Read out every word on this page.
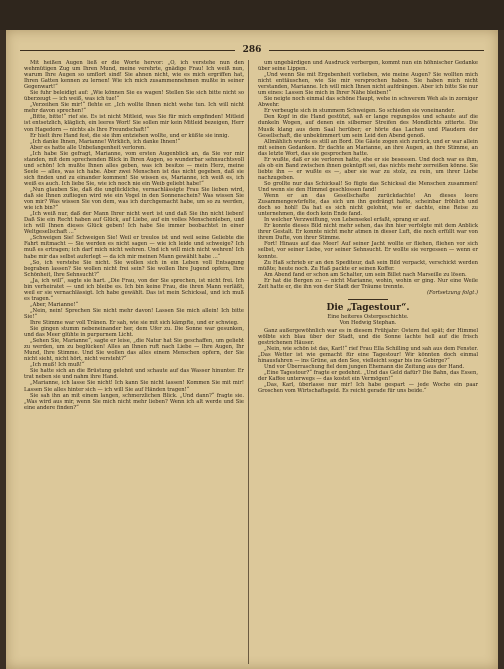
286

Mit heißen Augen ließ er die Worte hervor: „O, ich verstehe nun den wehmütigen Zug um Ihren Mund, meine verehrte, gnädige Frau! Ich weiß nun, warum Ihre Augen so umflort sind! Sie ahnen nicht, wie es mich ergriffen hat, Ihren Gatten kennen zu lernen! Wie ich mich zusammennehmen mußte in seiner Gegenwart!“

Sie fuhr beleidigt auf: „Wie können Sie es wagen! Stellen Sie sich bitte nicht so überzeugt — ich weiß, was ich tue!“

„Verzeihen Sie mir!“ flehte er. „Ich wollte Ihnen nicht wehe tun. Ich will nicht mehr davon sprechen!“

„Bitte, bitte!“ rief sie. Es ist nicht Mitleid, was Sie für mich empfinden! Mitleid ist entsetzlich, kläglich, ein leeres Wort! Sie sollen mir kein Mitleid bezeigen, Herr von Hagedorn — nichts als Ihre Freundschaft!“

Er hielt ihre Hand fest, die sie ihm entziehen wollte, und er küßte sie innig.

„Ich danke Ihnen, Marianne! Wirklich, ich danke Ihnen!“

Aber es hatte alle Unbefangenheit verloren.

„Ich habe Sie gefragt, Marianne, vom ersten Augenblick an, da Sie vor mir standen, mit dem sprechenden Blick in Ihren Augen, so wunderbar sehnsuchtsvoll und schön! Ich mußte Ihnen alles geben, was ich besitze — mein Herz, meine Seele — alles, was ich habe. Aber zwei Menschen ist das nicht gegeben, daß sie sich finden und zu einander kommen! Sie wissen es, Marianne, ich weiß es, ich weiß es auch. Ich liebe Sie, wie ich noch nie ein Weib geliebt habe!“

„Nun glauben Sie, daß die unglückliche, vernachlässigte Frau Sie lieben wird, daß sie Ihnen zufliegen wird wie ein Vogel in den Sonnenschein? Was wissen Sie von mir? Was wissen Sie von dem, was ich durchgemacht habe, um so zu werden, wie ich bin?“

„Ich weiß nur, daß der Mann Ihrer nicht wert ist und daß Sie ihn nicht lieben! Daß Sie ein Recht haben auf Glück, auf Liebe, auf ein volles Menschenleben, und ich will Ihnen dieses Glück geben! Ich habe Sie immer beobachtet in einer Weltgesellschaft ...“

„Schweigen Sie! Schweigen Sie! Weil er treulos ist und weil seine Geliebte die Fahrt mitmacht — Sie werden es nicht sagen — wie ich leide und schweige? Ich muß es ertragen; ich darf mich nicht wehren. Und ich will mich nicht wehren! Ich habe mir das selbst auferlegt — da ich mir meinen Mann gewählt habe ...“

„So, ich verstehe Sie nicht. Sie wollen sich in ein Leben voll Entsagung begraben lassen? Sie wollen nicht frei sein? Sie wollen Ihre Jugend opfern, Ihre Schönheit, Ihre Sehnsucht?“

„Ja, ich will“, sagte sie hart. „Die Frau, von der Sie sprechen, ist nicht frei. Ich bin verheiratet — und ich bleibe es. Ich bin keine Frau, die ihren Mann verläßt, weil er sie vernachlässigt. Ich habe gewählt. Das ist mein Schicksal, und ich muß es tragen.“

„Aber, Marianne!“

„Nein, nein! Sprechen Sie nicht mehr davon! Lassen Sie mich allein! Ich bitte Sie!“

Ihre Stimme war voll Tränen. Er sah, wie sie mit sich kämpfte, und er schwieg.

Sie gingen stumm nebeneinander her, dem Ufer zu. Die Sonne war gesunken, und das Meer glühte in purpurnem Licht.

„Sehen Sie, Marianne“, sagte er leise, „die Natur hat Sie geschaffen, um geliebt zu werden, um zu beglücken! Alles an Ihnen ruft nach Liebe — Ihre Augen, Ihr Mund, Ihre Stimme. Und Sie wollen das alles einem Menschen opfern, der Sie nicht sieht, nicht hört, nicht versteht?“

„Ich muß! Ich muß!“

Sie hatte sich an die Brüstung gelehnt und schaute auf das Wasser hinunter. Er trat neben sie und nahm ihre Hand.

„Marianne, ich lasse Sie nicht! Ich kann Sie nicht lassen! Kommen Sie mit mir! Lassen Sie alles hinter sich — ich will Sie auf Händen tragen!“

Sie sah ihn an mit einem langen, schmerzlichen Blick. „Und dann?“ fragte sie. „Was wird aus mir, wenn Sie mich nicht mehr lieben? Wenn ich alt werde und Sie eine andere finden?“

um ungebärdigen und Ausdruck verbergen, kommt nun ein höhnischer Gedanke über seine Lippen.

„Und wenn Sie mit Ergebenheit vorlieben, wie meine Augen? Sie wollten mich nicht enttäuschen, wie Sie mir versprochen haben. Sie haben mich nicht verstanden, Marianne. Ich will mich Ihnen nicht aufdrängen. Aber ich bitte Sie nur um eines: Lassen Sie mich in Ihrer Nähe bleiben!“

Sie neigte noch einmal das schöne Haupt, wehe in schwerem Weh als in zorniger Abwehr.

Er verbeugte sich in stummem Schweigen. So schieden sie voneinander.

Den Kopf in die Hand gestützt, saß er lange regungslos und schaute auf die dunkeln Wogen, auf denen ein silberner Streifen des Mondlichts zitterte. Die Musik klang aus dem Saal herüber; er hörte das Lachen und Plaudern der Gesellschaft, die unbekümmert um sein Leid den Abend genoß.

Allmählich wurde es still an Bord. Die Gäste zogen sich zurück, und er war allein mit seinen Gedanken. Er dachte an Marianne, an ihre Augen, an ihre Stimme, an das letzte Wort, das sie gesprochen hatte.

Er wußte, daß er sie verloren hatte, ehe er sie besessen. Und doch war es ihm, als ob ein Band zwischen ihnen geknüpft sei, das nichts mehr zerreißen könne. Sie liebte ihn — er wußte es —, aber sie war zu stolz, zu rein, um ihrer Liebe nachzugeben.

So grollte nur das Schicksal! So fügte das Schicksal die Menschen zusammen! Und wenn sie den Himmel geschlossen fand!

Wenn er an das Gesellschafte zurückdachte! An dieses leere Zusammengewürfelte, das sich um ihn gedrängt hatte, scheinbar fröhlich und doch so hohl! Da hat es sich nicht gelohnt, wie er dachte, eine Reise zu unternehmen, die doch kein Ende fand.

In welcher Verzweiflung, von Lebensekel erfaßt, sprang er auf.

Er konnte dieses Bild nicht mehr sehen, das ihn hier verfolgte mit dem Anblick ihrer Gestalt. Er konnte nicht mehr atmen in dieser Luft, die noch erfüllt war von ihrem Dufte, von ihrer Stimme.

Fort! Hinaus auf das Meer! Auf seiner Jacht wollte er fliehen, fliehen vor sich selbst, vor seiner Liebe, vor seiner Sehnsucht. Er wollte sie vergessen — wenn er konnte.

Zu Haß schrieb er an den Spediteur, daß sein Bild verpackt, verschickt werden müßte; heute noch. Zu Haß packte er seinen Koffer.

Am Abend fand er schon am Schalter, um sein Billet nach Marseille zu lösen.

Er hat die Bergen zu — nicht Marianne, wohin, wohin er ging. Nur eine Weile Zeit hatte er, die ihn von der Stadt der Träume trennte.

(Fortsetzung folgt.)

Die „Tagestour“.
Eine heiteres Ostergeschichte.
Von Hedwig Stephan.

Ganz außergewöhnlich war es in diesem Frühjahr: Ostern fiel spät; der Himmel wölbte sich blau über der Stadt, und die Sonne lachte hell auf die frisch gestrichenen Häuser.

„Nein, wie schön ist das, Karl!“ rief Frau Ella Schilling und sah aus dem Fenster. „Das Wetter ist wie gemacht für eine Tagestour! Wir könnten doch einmal hinausfahren — ins Grüne, an den See, vielleicht sogar bis ins Gebirge?“

Und vor Überraschung fiel dem jungen Ehemann die Zeitung aus der Hand.

„Eine Tagestour?“ fragte er gedehnt. „Und das Geld dafür? Die Bahn, das Essen, der Kaffee unterwegs — das kostet ein Vermögen!“

„Das, Karl, überlasse nur mir! Ich habe gespart — jede Woche ein paar Groschen vom Wirtschaftsgeld. Es reicht gerade für uns beide.“
